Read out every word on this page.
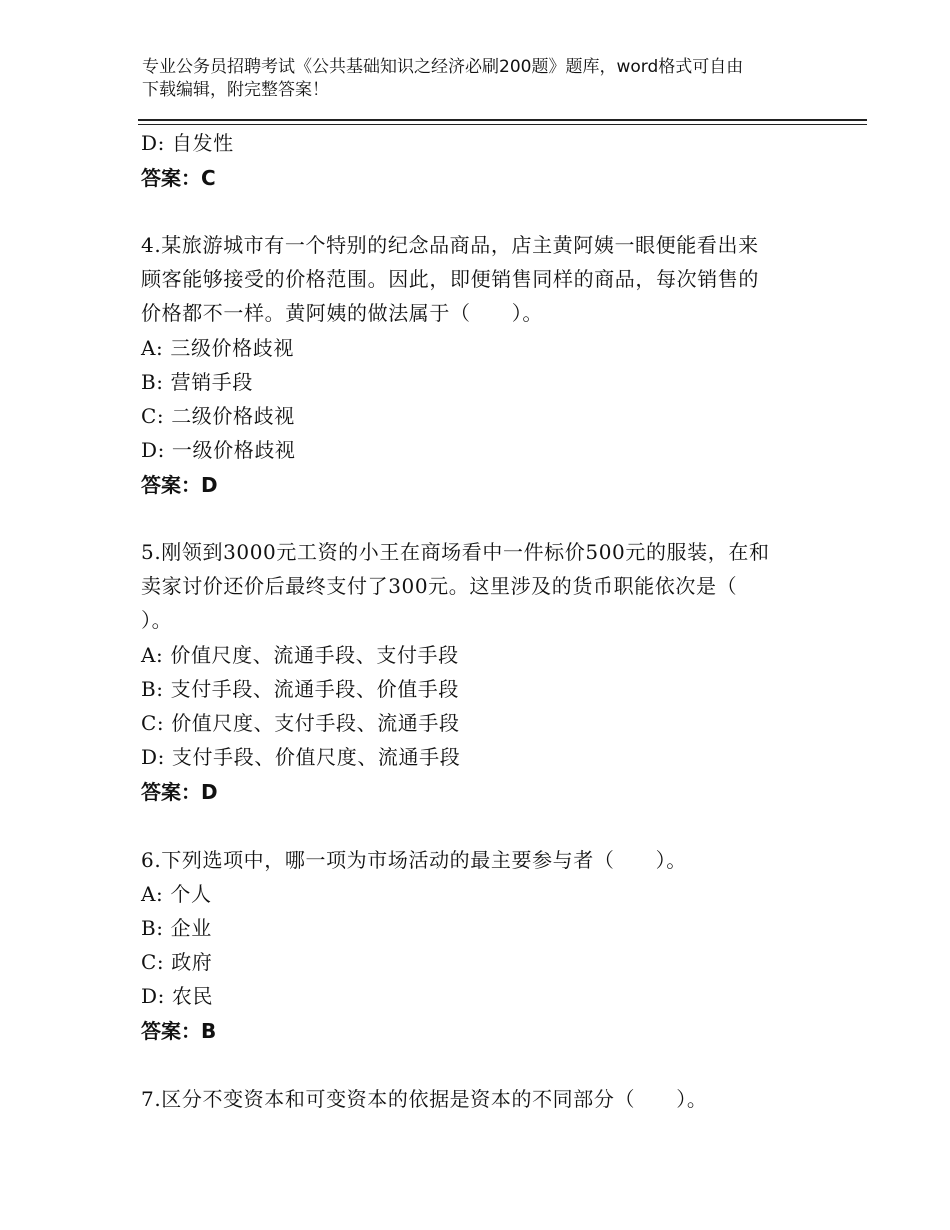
专业公务员招聘考试《公共基础知识之经济必刷200题》题库，word格式可自由
下载编辑，附完整答案！
D: 自发性
答案：C
4.某旅游城市有一个特别的纪念品商品，店主黄阿姨一眼便能看出来
顾客能够接受的价格范围。因此，即便销售同样的商品，每次销售的
价格都不一样。黄阿姨的做法属于（　　）。
A: 三级价格歧视
B: 营销手段
C: 二级价格歧视
D: 一级价格歧视
答案：D
5.刚领到3000元工资的小王在商场看中一件标价500元的服装，在和
卖家讨价还价后最终支付了300元。这里涉及的货币职能依次是（
）。
A: 价值尺度、流通手段、支付手段
B: 支付手段、流通手段、价值手段
C: 价值尺度、支付手段、流通手段
D: 支付手段、价值尺度、流通手段
答案：D
6.下列选项中，哪一项为市场活动的最主要参与者（　　）。
A: 个人
B: 企业
C: 政府
D: 农民
答案：B
7.区分不变资本和可变资本的依据是资本的不同部分（　　）。
